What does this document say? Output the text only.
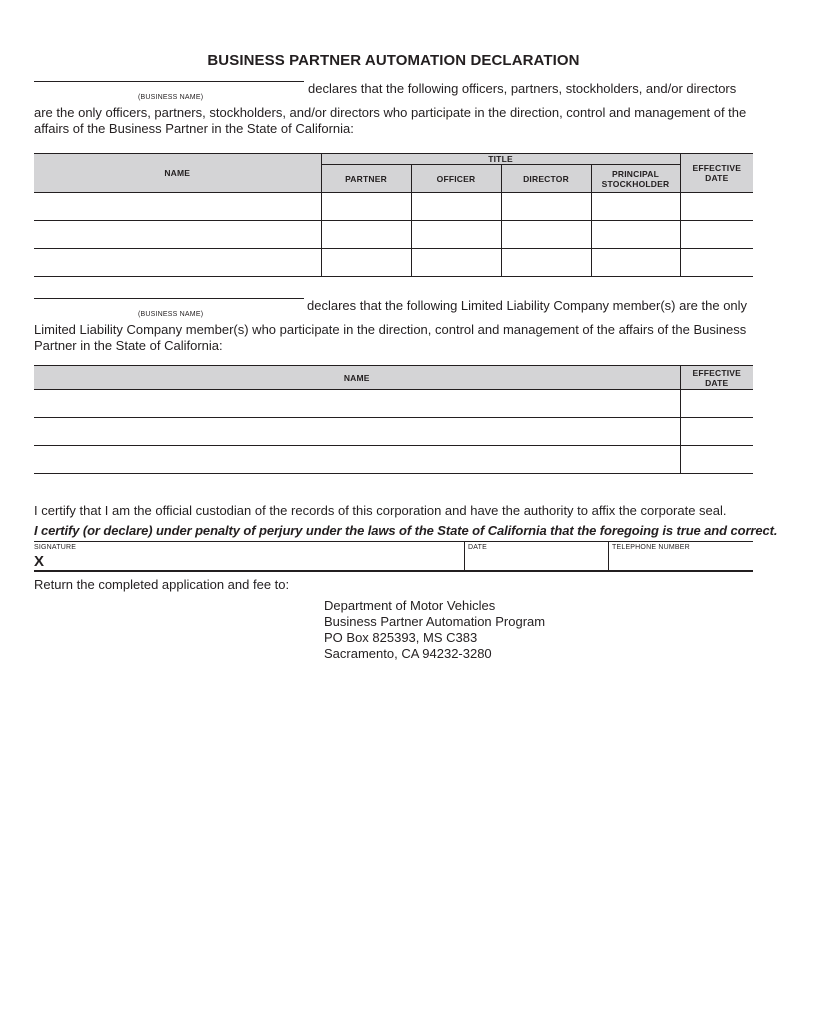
BUSINESS PARTNER AUTOMATION DECLARATION
(BUSINESS NAME)
declares that the following officers, partners, stockholders, and/or directors
are the only officers, partners, stockholders, and/or directors who participate in the direction, control and management of the
affairs of the Business Partner in the State of California:
NAME	TITLE				EFFECTIVE
DATE
	PARTNER	OFFICER	DIRECTOR	PRINCIPAL
STOCKHOLDER	

(BUSINESS NAME)
declares that the following Limited Liability Company member(s) are the only
Limited Liability Company member(s) who participate in the direction, control and management of the affairs of the Business
Partner in the State of California:
NAME	EFFECTIVE
DATE

I certify that I am the official custodian of the records of this corporation and have the authority to affix the corporate seal.
I certify (or declare) under penalty of perjury under the laws of the State of California that the foregoing is true and correct.
SIGNATURE
X
DATE	TELEPHONE NUMBER
Return the completed application and fee to:
Department of Motor Vehicles
Business Partner Automation Program
PO Box 825393, MS C383
Sacramento, CA 94232-3280
